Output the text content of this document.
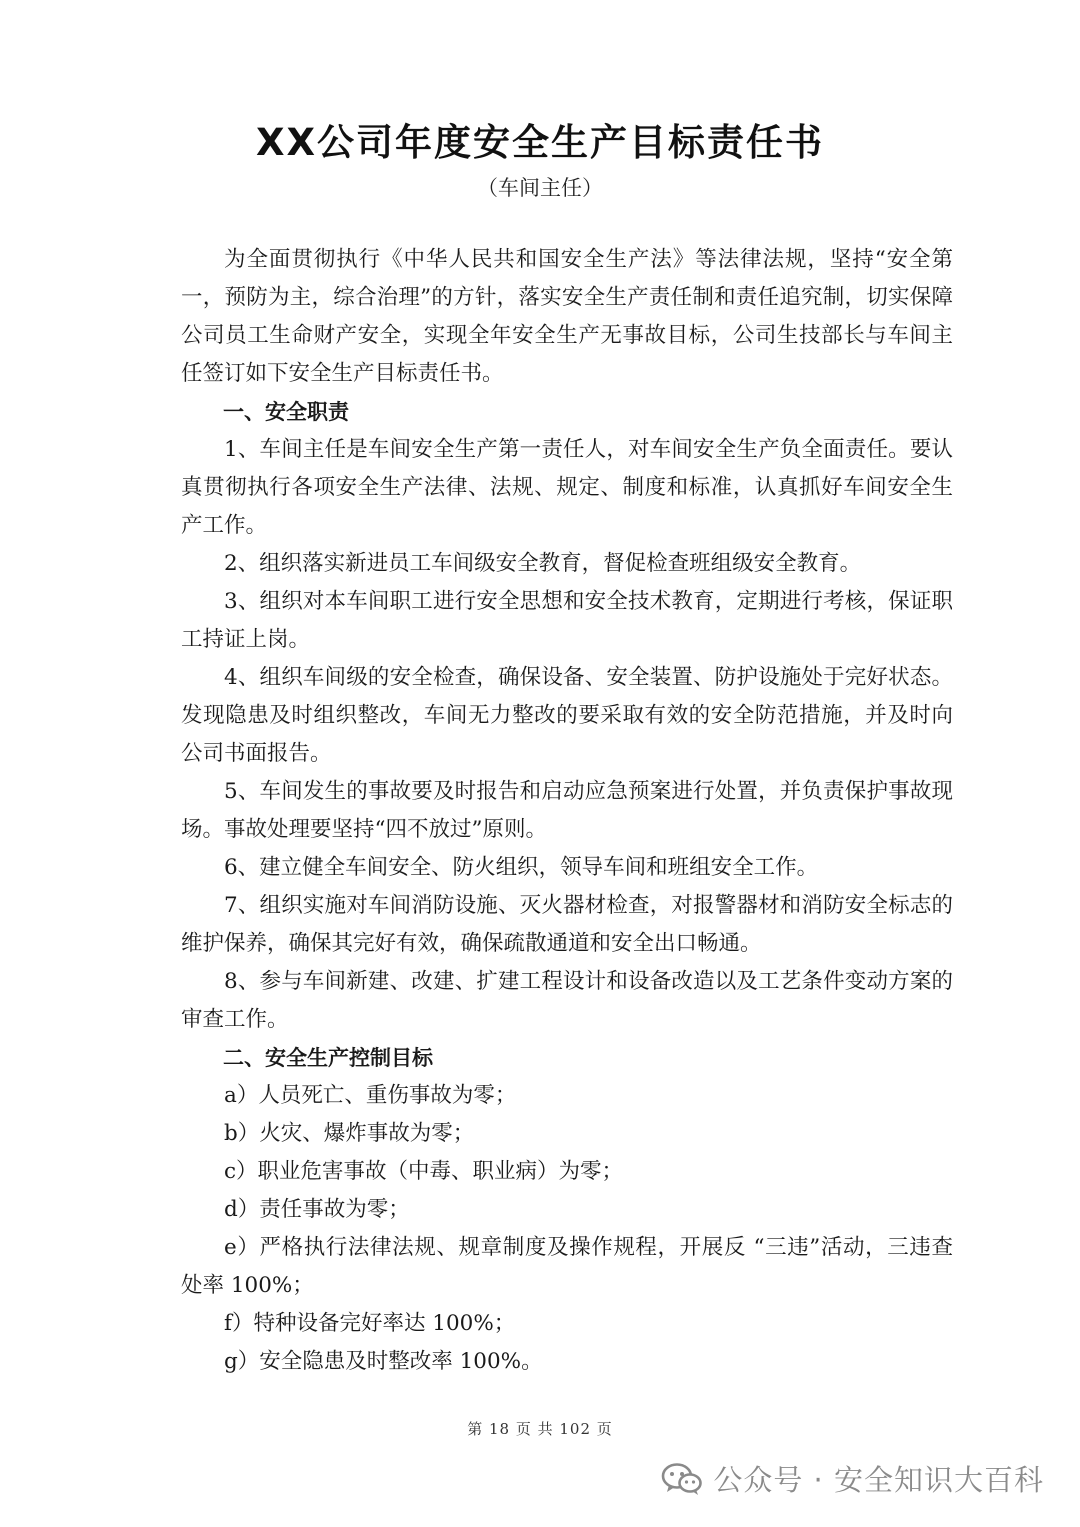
XX公司年度安全生产目标责任书
（车间主任）

为全面贯彻执行《中华人民共和国安全生产法》等法律法规，坚持“安全第一，预防为主，综合治理”的方针，落实安全生产责任制和责任追究制，切实保障公司员工生命财产安全，实现全年安全生产无事故目标，公司生技部长与车间主任签订如下安全生产目标责任书。

一、安全职责

1、车间主任是车间安全生产第一责任人，对车间安全生产负全面责任。要认真贯彻执行各项安全生产法律、法规、规定、制度和标准，认真抓好车间安全生产工作。

2、组织落实新进员工车间级安全教育，督促检查班组级安全教育。

3、组织对本车间职工进行安全思想和安全技术教育，定期进行考核，保证职工持证上岗。

4、组织车间级的安全检查，确保设备、安全装置、防护设施处于完好状态。发现隐患及时组织整改，车间无力整改的要采取有效的安全防范措施，并及时向公司书面报告。

5、车间发生的事故要及时报告和启动应急预案进行处置，并负责保护事故现场。事故处理要坚持“四不放过”原则。

6、建立健全车间安全、防火组织，领导车间和班组安全工作。

7、组织实施对车间消防设施、灭火器材检查，对报警器材和消防安全标志的维护保养，确保其完好有效，确保疏散通道和安全出口畅通。

8、参与车间新建、改建、扩建工程设计和设备改造以及工艺条件变动方案的审查工作。

二、安全生产控制目标

a）人员死亡、重伤事故为零；

b）火灾、爆炸事故为零；

c）职业危害事故（中毒、职业病）为零；

d）责任事故为零；

e）严格执行法律法规、规章制度及操作规程，开展反 “三违”活动，三违查处率 100%；

f）特种设备完好率达 100%；

g）安全隐患及时整改率 100%。

第 18 页 共 102 页
公众号 · 安全知识大百科
